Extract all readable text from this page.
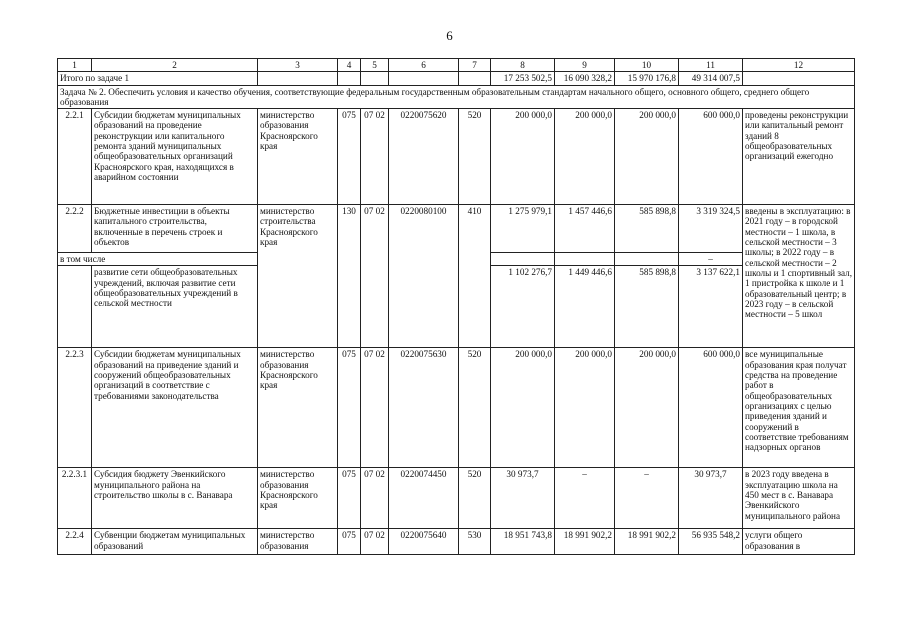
6
1	2	3	4	5	6	7	8	9	10	11	12
Итого по задаче 1							17 253 502,5	16 090 328,2	15 970 176,8	49 314 007,5	
Задача № 2. Обеспечить условия и качество обучения, соответствующие федеральным государственным образовательным стандартам начального общего, основного общего, среднего общего образования											
2.2.1	Субсидии бюджетам муниципальных образований на проведение реконструкции или капитального ремонта зданий муниципальных общеобразовательных организаций Красноярского края, находящихся в аварийном состоянии	министерство образования Красноярского края	075	07 02	0220075620	520	200 000,0	200 000,0	200 000,0	600 000,0	проведены реконструкции или капитальный ремонт зданий 8 общеобразовательных организаций ежегодно
2.2.2	Бюджетные инвестиции в объекты капитального строительства, включенные в перечень строек и объектов	министерство строительства Красноярского края	130	07 02	0220080100	410	1 275 979,1	1 457 446,6	585 898,8	3 319 324,5	введены в эксплуатацию: в 2021 году – в городской местности – 1 школа, в сельской местности – 3 школы; в 2022 году – в сельской местности – 2 школы и 1 спортивный зал, 1 пристройка к школе и 1 образовательный центр; в 2023 году – в сельской местности – 5 школ
в том числе										–	
	развитие сети общеобразовательных учреждений, включая развитие сети общеобразовательных учреждений в сельской местности						1 102 276,7	1 449 446,6	585 898,8	3 137 622,1	
2.2.3	Субсидии бюджетам муниципальных образований на приведение зданий и сооружений общеобразовательных организаций в соответствие с требованиями законодательства	министерство образования Красноярского края	075	07 02	0220075630	520	200 000,0	200 000,0	200 000,0	600 000,0	все муниципальные образования края получат средства на проведение работ в общеобразовательных организациях с целью приведения зданий и сооружений в соответствие требованиям надзорных органов
2.2.3.1	Субсидия бюджету Эвенкийского муниципального района на строительство школы в с. Ванавара	министерство образования Красноярского края	075	07 02	0220074450	520	30 973,7	–	–	30 973,7	в 2023 году введена в эксплуатацию школа на 450 мест в с. Ванавара Эвенкийского муниципального района
2.2.4	Субвенции бюджетам муниципальных образований	министерство образования	075	07 02	0220075640	530	18 951 743,8	18 991 902,2	18 991 902,2	56 935 548,2	услуги общего образования в
